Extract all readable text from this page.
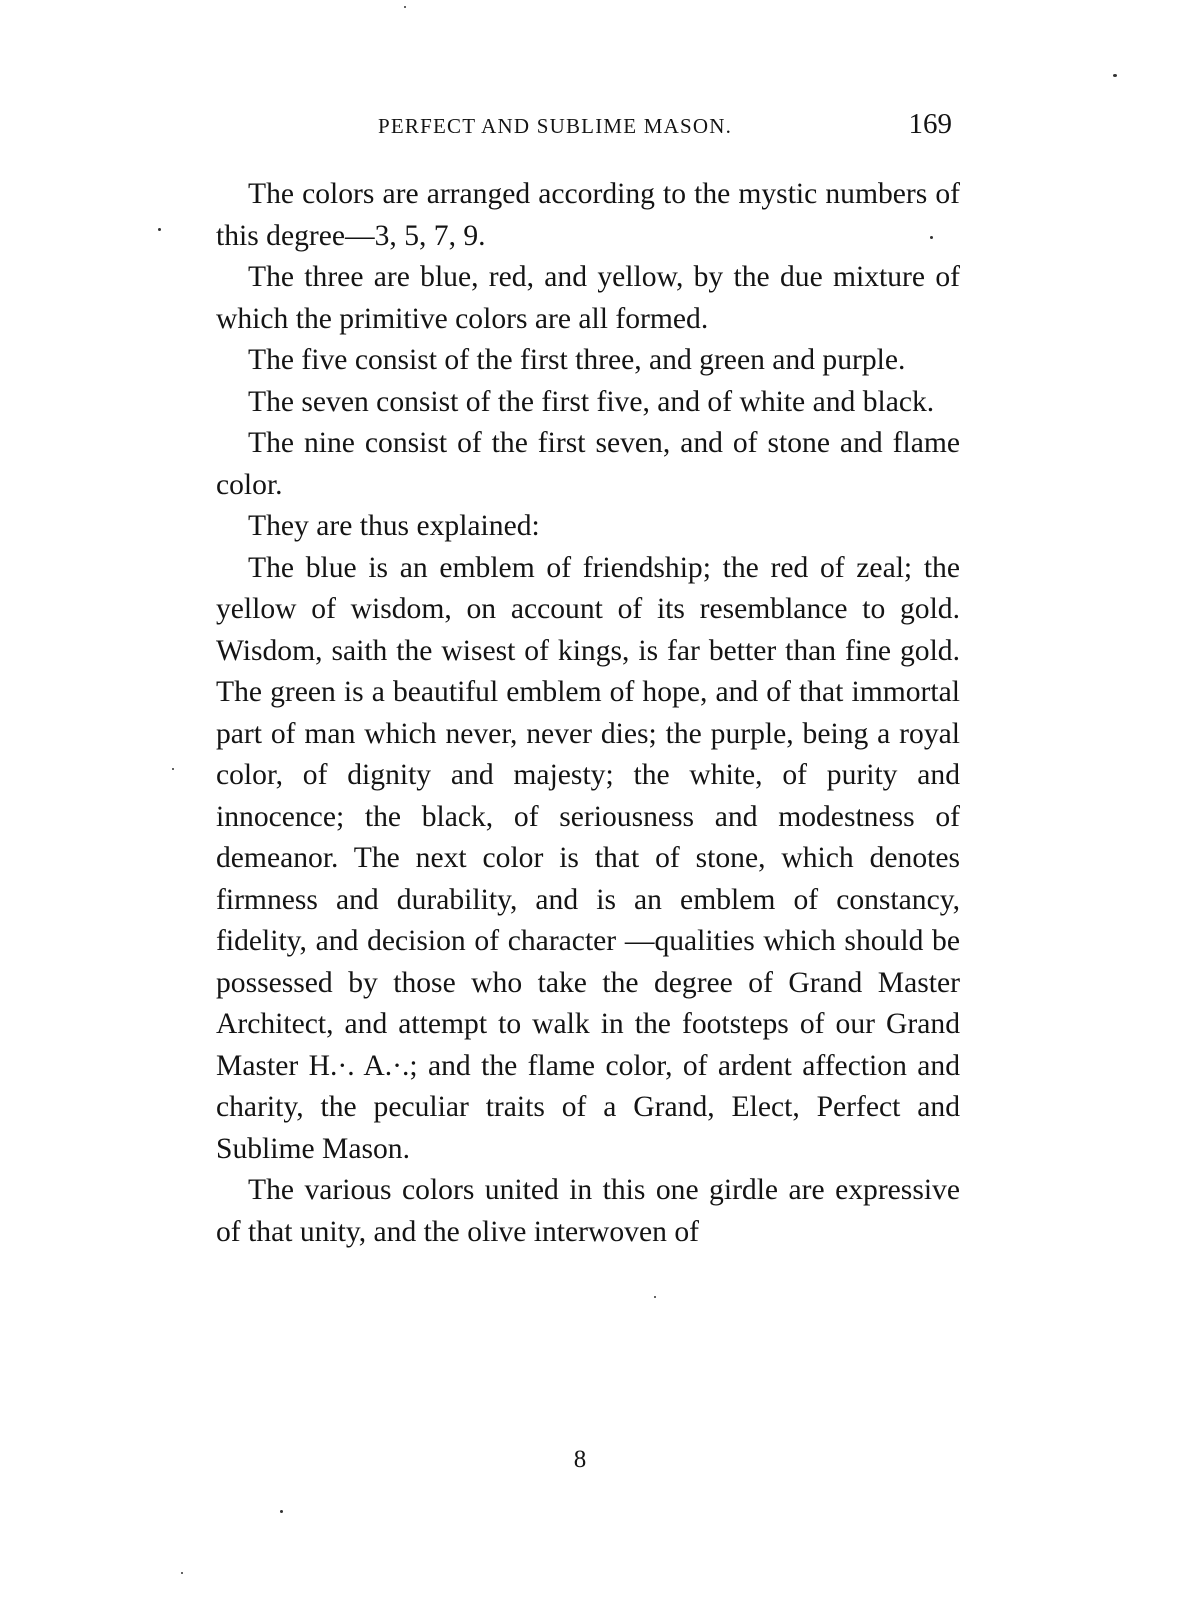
PERFECT AND SUBLIME MASON.	169

The colors are arranged according to the mystic numbers of this degree—3, 5, 7, 9.

The three are blue, red, and yellow, by the due mixture of which the primitive colors are all formed.

The five consist of the first three, and green and purple.

The seven consist of the first five, and of white and black.

The nine consist of the first seven, and of stone and flame color.

They are thus explained:

The blue is an emblem of friendship; the red of zeal; the yellow of wisdom, on account of its resemblance to gold. Wisdom, saith the wisest of kings, is far better than fine gold. The green is a beautiful emblem of hope, and of that immortal part of man which never, never dies; the purple, being a royal color, of dignity and majesty; the white, of purity and innocence; the black, of seriousness and modestness of demeanor. The next color is that of stone, which denotes firmness and durability, and is an emblem of constancy, fidelity, and decision of character —qualities which should be possessed by those who take the degree of Grand Master Architect, and attempt to walk in the footsteps of our Grand Master H.·. A.·.; and the flame color, of ardent affection and charity, the peculiar traits of a Grand, Elect, Perfect and Sublime Mason.

The various colors united in this one girdle are expressive of that unity, and the olive interwoven of

8
